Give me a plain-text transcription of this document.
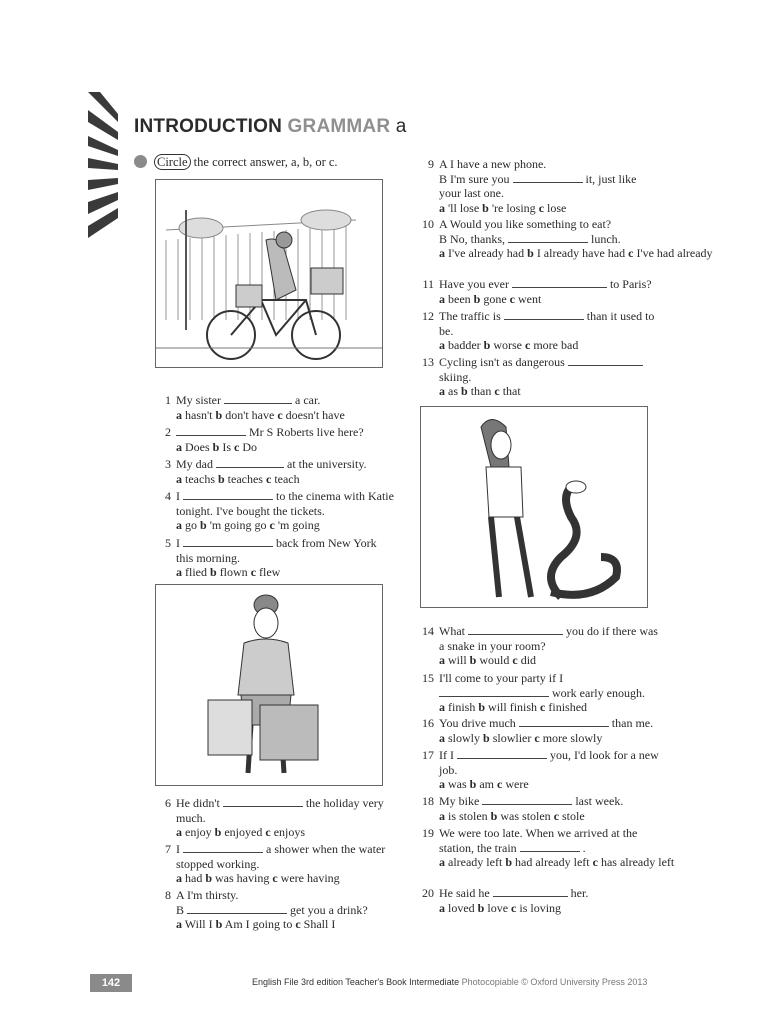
INTRODUCTION GRAMMAR a
Circle the correct answer, a, b, or c.
1 My sister	a car.
a hasn't b don't have c doesn't have
2	Mr S Roberts live here?
a Does b Is c Do
3 My dad	at the university.
a teachs b teaches c teach
4 I	to the cinema with Katie tonight. I've bought the tickets.
a go b 'm going go c 'm going
5 I	back from New York this morning.
a flied b flown c flew
6 He didn't	the holiday very much.
a enjoy b enjoyed c enjoys
7 I	a shower when the water stopped working.
a had b was having c were having
8 A I'm thirsty.
B	get you a drink?
a Will I b Am I going to c Shall I
9 A I have a new phone.
B I'm sure you	it, just like your last one.
a 'll lose b 're losing c lose
10 A Would you like something to eat?
B No, thanks,	lunch.
a I've already had b I already have had c I've had already
11 Have you ever	to Paris?
a been b gone c went
12 The traffic is	than it used to be.
a badder b worse c more bad
13 Cycling isn't as dangerous  skiing.
a as b than c that
14 What	you do if there was a snake in your room?
a will b would c did
15 I'll come to your party if I  work early enough.
a finish b will finish c finished
16 You drive much	than me.
a slowly b slowlier c more slowly
17 If I	you, I'd look for a new job.
a was b am c were
18 My bike	last week.
a is stolen b was stolen c stole
19 We were too late. When we arrived at the station, the train	.
a already left b had already left c has already left
20 He said he	her.
a loved b love c is loving
142	English File 3rd edition Teacher's Book Intermediate Photocopiable © Oxford University Press 2013
